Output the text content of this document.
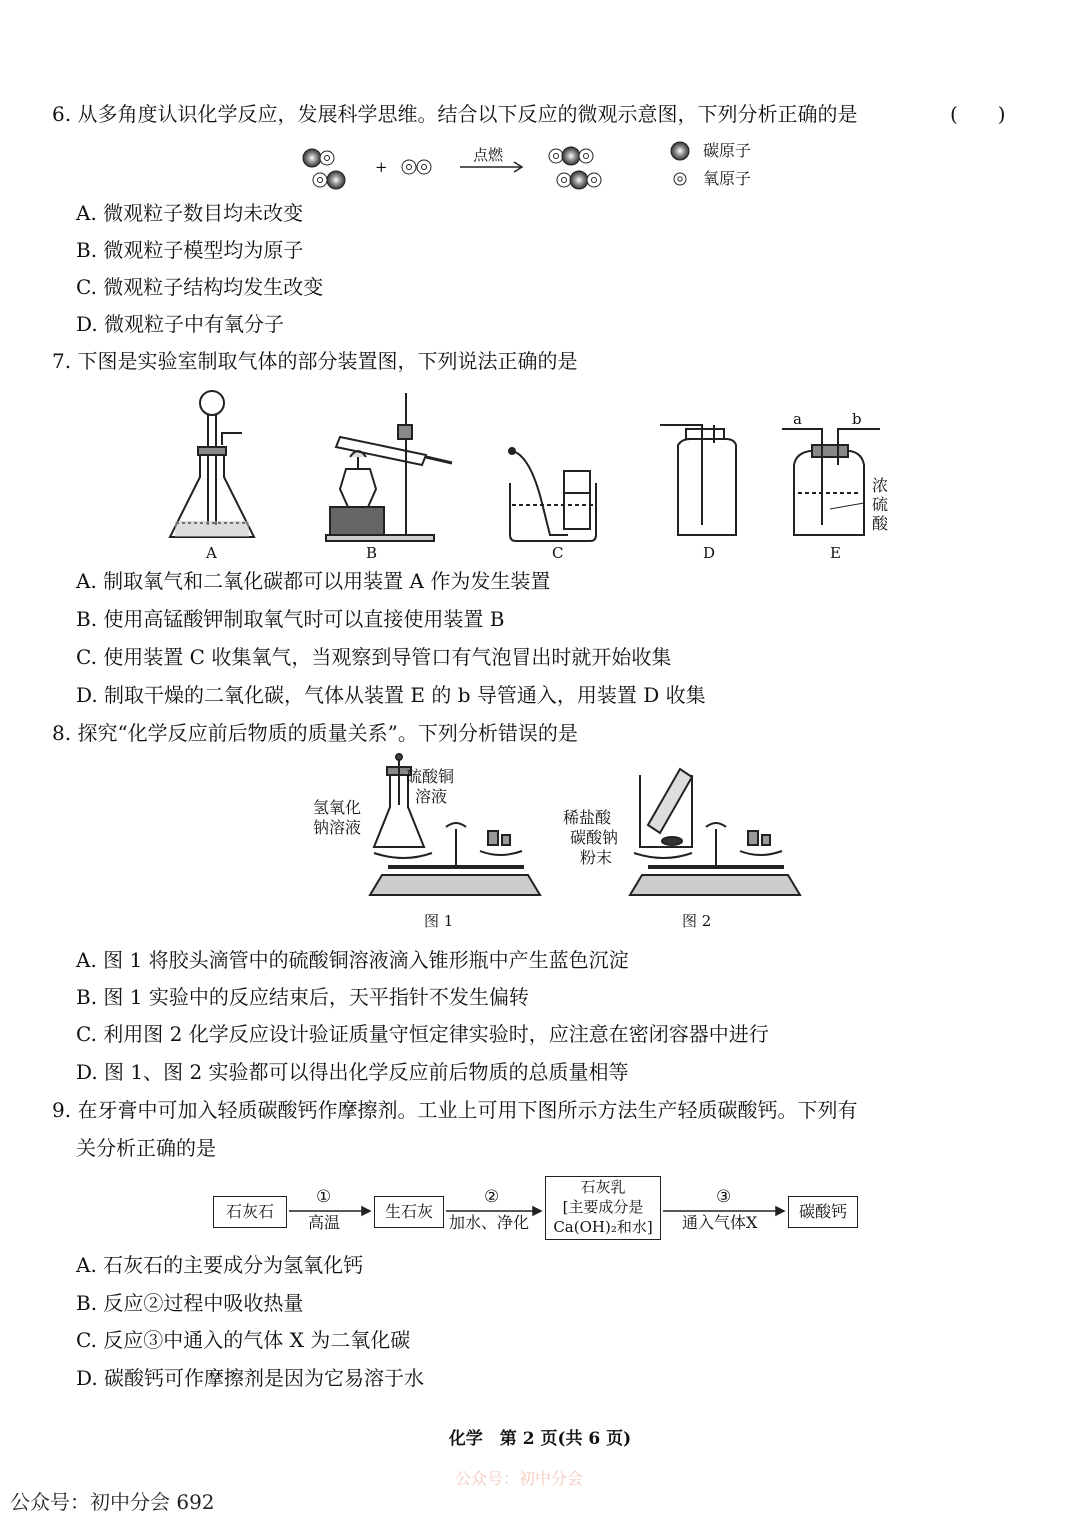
6. 从多角度认识化学反应，发展科学思维。结合以下反应的微观示意图，下列分析正确的是	(　　)
+
点燃	碳原子
氧原子
A. 微观粒子数目均未改变
B. 微观粒子模型均为原子
C. 微观粒子结构均发生改变
D. 微观粒子中有氧分子
7. 下图是实验室制取气体的部分装置图，下列说法正确的是
A	B	C	D	E
a	b
浓
硫
酸
A. 制取氧气和二氧化碳都可以用装置 A 作为发生装置
B. 使用高锰酸钾制取氧气时可以直接使用装置 B
C. 使用装置 C 收集氧气，当观察到导管口有气泡冒出时就开始收集
D. 制取干燥的二氧化碳，气体从装置 E 的 b 导管通入，用装置 D 收集
8. 探究“化学反应前后物质的质量关系”。下列分析错误的是
硫酸铜
溶液
氢氧化
钠溶液
稀盐酸
碳酸钠
粉末
图 1	图 2
A. 图 1 将胶头滴管中的硫酸铜溶液滴入锥形瓶中产生蓝色沉淀
B. 图 1 实验中的反应结束后，天平指针不发生偏转
C. 利用图 2 化学反应设计验证质量守恒定律实验时，应注意在密闭容器中进行
D. 图 1、图 2 实验都可以得出化学反应前后物质的总质量相等
9. 在牙膏中可加入轻质碳酸钙作摩擦剂。工业上可用下图所示方法生产轻质碳酸钙。下列有
关分析正确的是
石灰石	生石灰
石灰乳
[主要成分是
Ca(OH)₂和水]
碳酸钙
①
高温
②
加水、净化
③
通入气体X
A. 石灰石的主要成分为氢氧化钙
B. 反应②过程中吸收热量
C. 反应③中通入的气体 X 为二氧化碳
D. 碳酸钙可作摩擦剂是因为它易溶于水
化学　第 2 页(共 6 页)
公众号：初中分会
公众号：初中分会 692
